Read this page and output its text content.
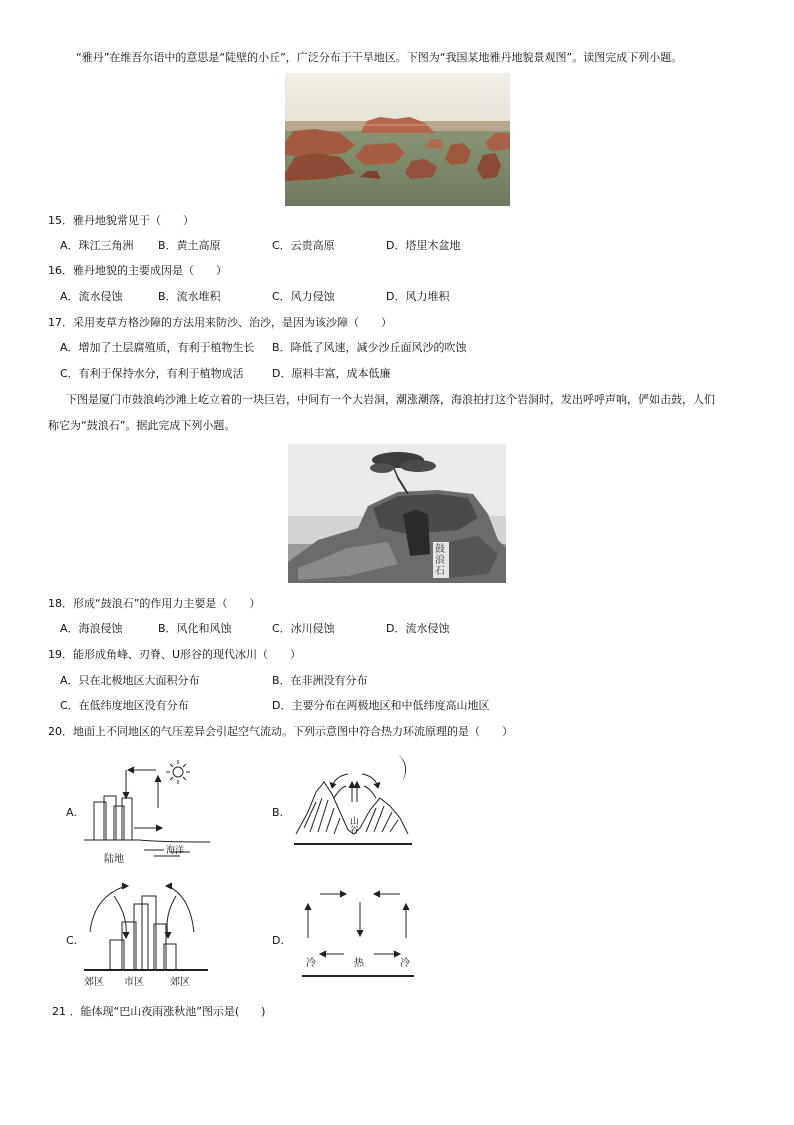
“雅丹”在维吾尔语中的意思是“陡壁的小丘”，广泛分布于干旱地区。下图为“我国某地雅丹地貌景观图”。读图完成下列小题。
15．雅丹地貌常见于（　　）
A．珠江三角洲 B．黄土高原	C．云贵高原	D．塔里木盆地
16．雅丹地貌的主要成因是（　　）
A．流水侵蚀	B．流水堆积	C．风力侵蚀	D．风力堆积
17．采用麦草方格沙障的方法用来防沙、治沙，是因为该沙障（　　）
A．增加了土层腐殖质，有利于植物生长 B．降低了风速，减少沙丘面风沙的吹蚀
C．有利于保持水分，有利于植物成活	D．原料丰富，成本低廉
下图是厦门市鼓浪屿沙滩上屹立着的一块巨岩，中间有一个大岩洞，潮涨潮落，海浪拍打这个岩洞时，发出呼呼声响，俨如击鼓，人们
称它为“鼓浪石”。据此完成下列小题。
鼓浪石
18．形成“鼓浪石”的作用力主要是（　　）
A．海浪侵蚀	B．风化和风蚀	C．冰川侵蚀	D．流水侵蚀
19．能形成角峰、刃脊、U形谷的现代冰川（　　）
A．只在北极地区大面积分布	B．在非洲没有分布
C．在低纬度地区没有分布	D．主要分布在两极地区和中低纬度高山地区
20．地面上不同地区的气压差异会引起空气流动。下列示意图中符合热力环流原理的是（　　）
A.
陆地
海洋
B.
山谷
C.
郊区 市区	郊区
D.
冷	热	冷
21 ．能体现“巴山夜雨涨秋池”图示是(　　)
